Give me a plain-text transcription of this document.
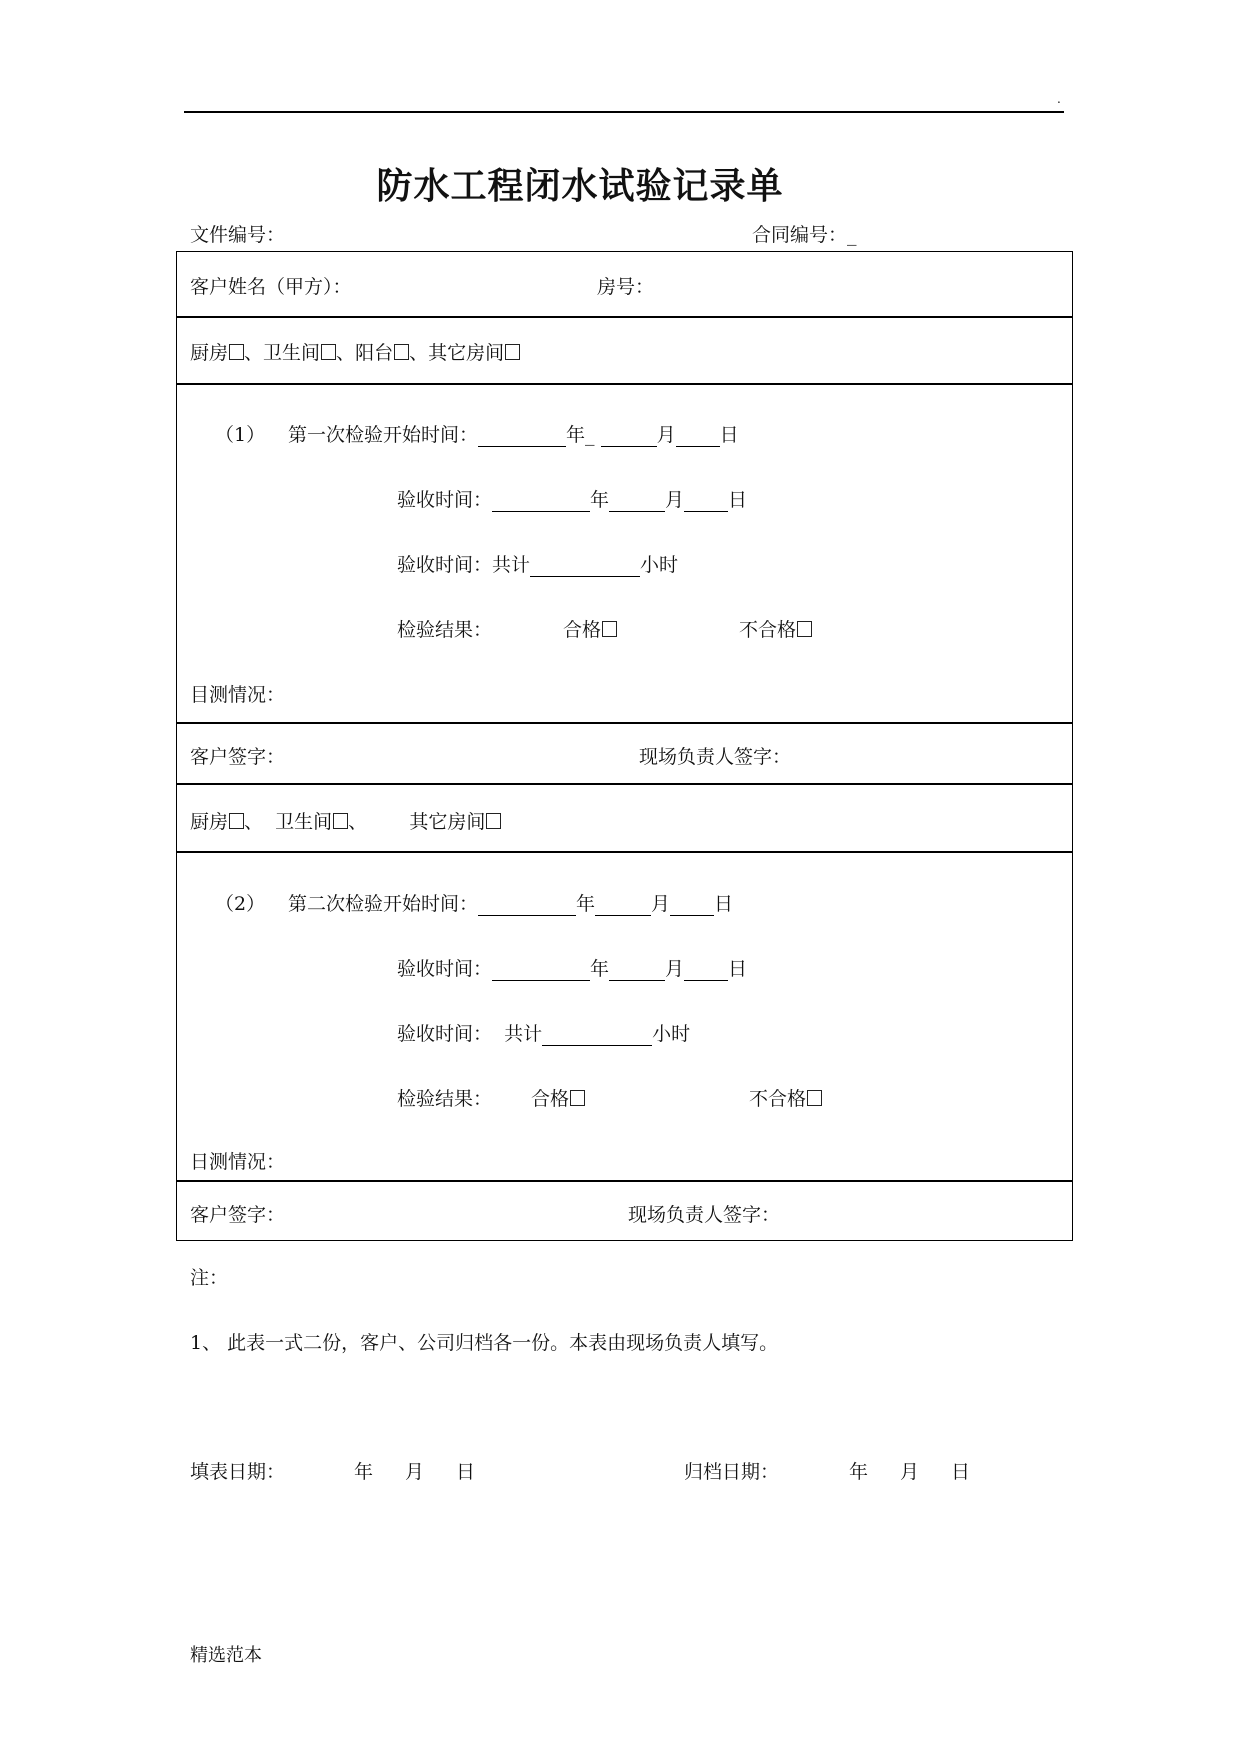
.
防水工程闭水试验记录单
文件编号：	合同编号：_
客户姓名（甲方）：	房号：
厨房 、卫生间 、阳台 、其它房间
（1） 第一次检验开始时间：	年_	月 日
验收时间：	年	月 日
验收时间：共计	小时
检验结果：	合格	不合格
目测情况：
客户签字：	现场负责人签字：
厨房 、  卫生间 、       其它房间
（2） 第二次检验开始时间：	年	月 日
验收时间：	年	月 日
验收时间： 共计	小时
检验结果： 合格	不合格
日测情况：
客户签字：	现场负责人签字：
注：
1、 此表一式二份，客户、公司归档各一份。本表由现场负责人填写。
填表日期：	年 月 日	归档日期：	年 月 日
精选范本
